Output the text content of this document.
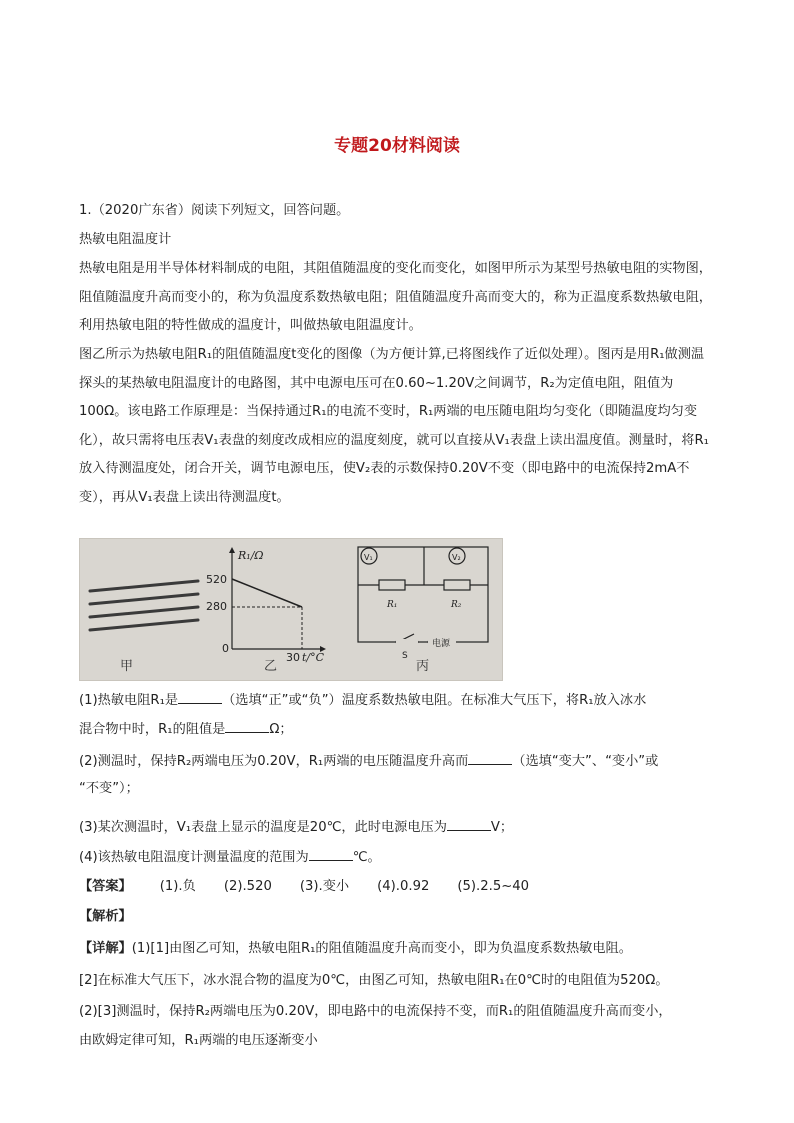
专题20材料阅读
1.（2020广东省）阅读下列短文，回答问题。
热敏电阻温度计
热敏电阻是用半导体材料制成的电阻，其阻值随温度的变化而变化，如图甲所示为某型号热敏电阻的实物图，阻值随温度升高而变小的，称为负温度系数热敏电阻；阻值随温度升高而变大的，称为正温度系数热敏电阻，利用热敏电阻的特性做成的温度计，叫做热敏电阻温度计。
图乙所示为热敏电阻R₁的阻值随温度t变化的图像（为方便计算,已将图线作了近似处理）。图丙是用R₁做测温探头的某热敏电阻温度计的电路图，其中电源电压可在0.60~1.20V之间调节，R₂为定值电阻，阻值为100Ω。该电路工作原理是：当保持通过R₁的电流不变时，R₁两端的电压随电阻均匀变化（即随温度均匀变化），故只需将电压表V₁表盘的刻度改成相应的温度刻度，就可以直接从V₁表盘上读出温度值。测量时，将R₁放入待测温度处，闭合开关，调节电源电压，使V₂表的示数保持0.20V不变（即电路中的电流保持2mA不变），再从V₁表盘上读出待测温度t。
甲
R₁/Ω
520
280
0
30 t/°C
乙
V₁	V₂
R₁	R₂
S
电源
丙
(1)热敏电阻R₁是	（选填“正”或“负”）温度系数热敏电阻。在标准大气压下，将R₁放入冰水
混合物中时，R₁的阻值是	Ω；
(2)测温时，保持R₂两端电压为0.20V，R₁两端的电压随温度升高而	（选填“变大”、“变小”或
“不变”）；
(3)某次测温时，V₁表盘上显示的温度是20℃，此时电源电压为	V；
(4)该热敏电阻温度计测量温度的范围为	℃。
【答案】 (1).负 (2).520 (3).变小 (4).0.92 (5).2.5~40
【解析】
【详解】(1)[1]由图乙可知，热敏电阻R₁的阻值随温度升高而变小，即为负温度系数热敏电阻。
[2]在标准大气压下，冰水混合物的温度为0℃，由图乙可知，热敏电阻R₁在0℃时的电阻值为520Ω。
(2)[3]测温时，保持R₂两端电压为0.20V，即电路中的电流保持不变，而R₁的阻值随温度升高而变小，
由欧姆定律可知，R₁两端的电压逐渐变小
